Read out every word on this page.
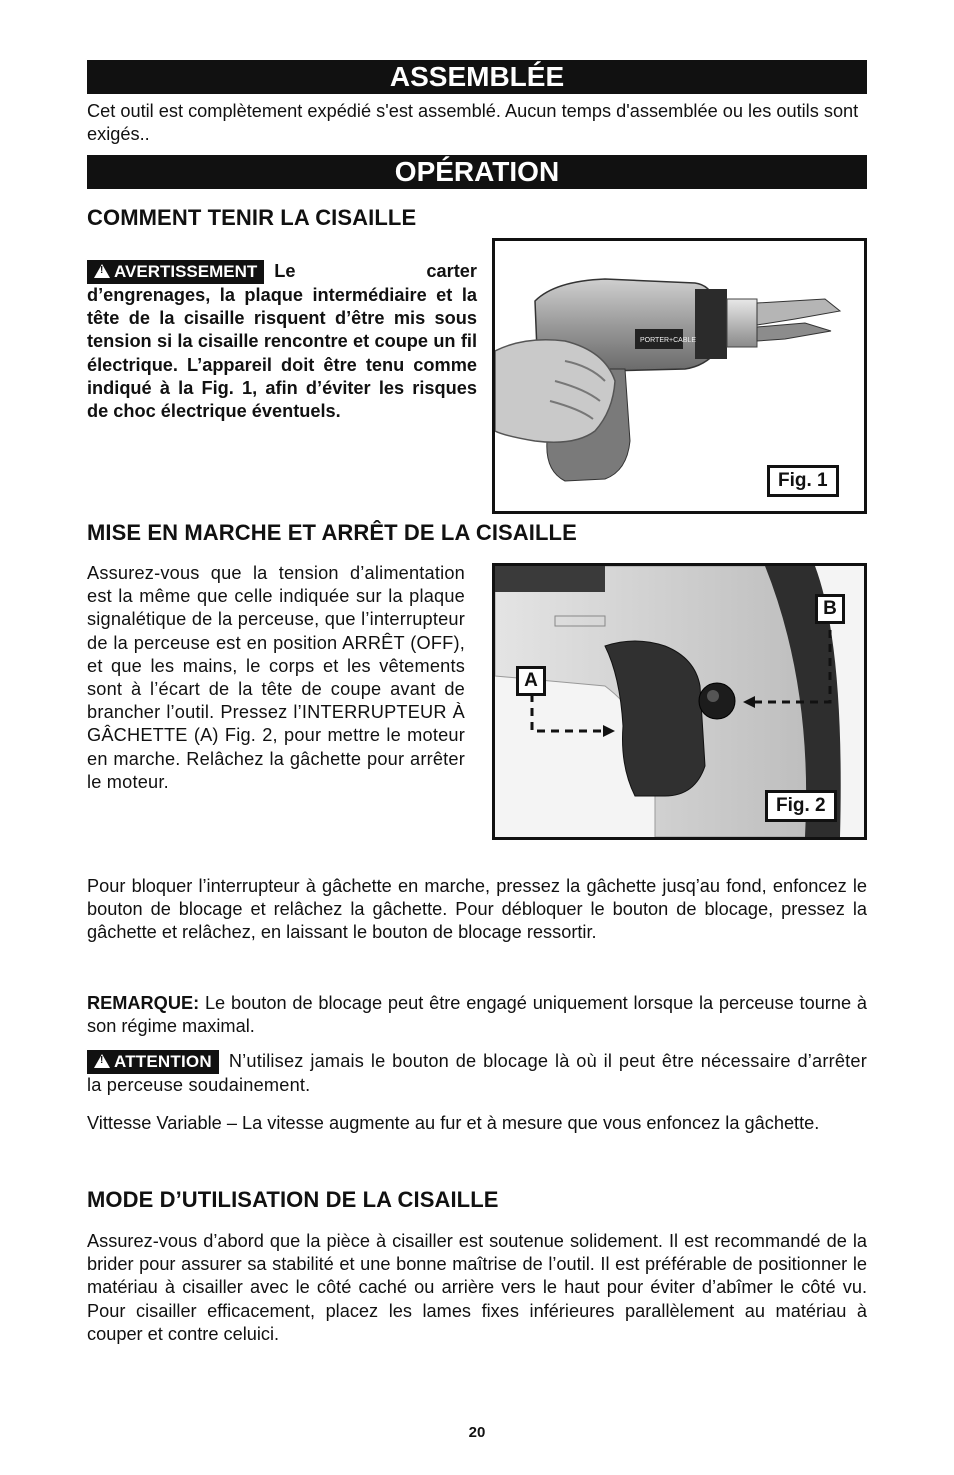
ASSEMBLÉE
Cet outil est complètement expédié s'est assemblé. Aucun temps d'assemblée ou les outils sont exigés..
OPÉRATION
COMMENT TENIR LA CISAILLE
!AVERTISSEMENT Le carter d’engrenages, la plaque intermédiaire et la tête de la cisaille risquent d’être mis sous tension si la cisaille rencontre et coupe un fil électrique. L’appareil doit être tenu comme indiqué à la Fig. 1, afin d’éviter les risques de choc électrique éventuels.
PORTER+CABLE
Fig. 1
MISE EN MARCHE ET ARRÊT DE LA CISAILLE
Assurez-vous que la tension d’alimentation est la même que celle indiquée sur la plaque signalétique de la perceuse, que l’interrupteur de la perceuse est en position ARRÊT (OFF), et que les mains, le corps et les vêtements sont à l’écart de la tête de coupe avant de brancher l’outil. Pressez l’INTERRUPTEUR À GÂCHETTE (A) Fig. 2, pour mettre le moteur en marche. Relâchez la gâchette pour arrêter le moteur.
A
B
Fig. 2
Pour bloquer l’interrupteur à gâchette en marche, pressez la gâchette jusq’au fond, enfoncez le bouton de blocage et relâchez la gâchette. Pour débloquer le bouton de blocage, pressez la gâchette et relâchez, en laissant le bouton de blocage ressortir.
REMARQUE: Le bouton de blocage peut être engagé uniquement lorsque la perceuse tourne à son régime maximal.
!ATTENTION N’utilisez jamais le bouton de blocage là où il peut être nécessaire d’arrêter la perceuse soudainement.
Vittesse Variable – La vitesse augmente au fur et à mesure que vous enfoncez la gâchette.
MODE D’UTILISATION DE LA CISAILLE
Assurez-vous d’abord que la pièce à cisailler est soutenue solidement. Il est recommandé de la brider pour assurer sa stabilité et une bonne maîtrise de l’outil. Il est préférable de positionner le matériau à cisailler avec le côté caché ou arrière vers le haut pour éviter d’abîmer le côté vu. Pour cisailler efficacement, placez les lames fixes inférieures parallèlement au matériau à couper et contre celuici.
20
